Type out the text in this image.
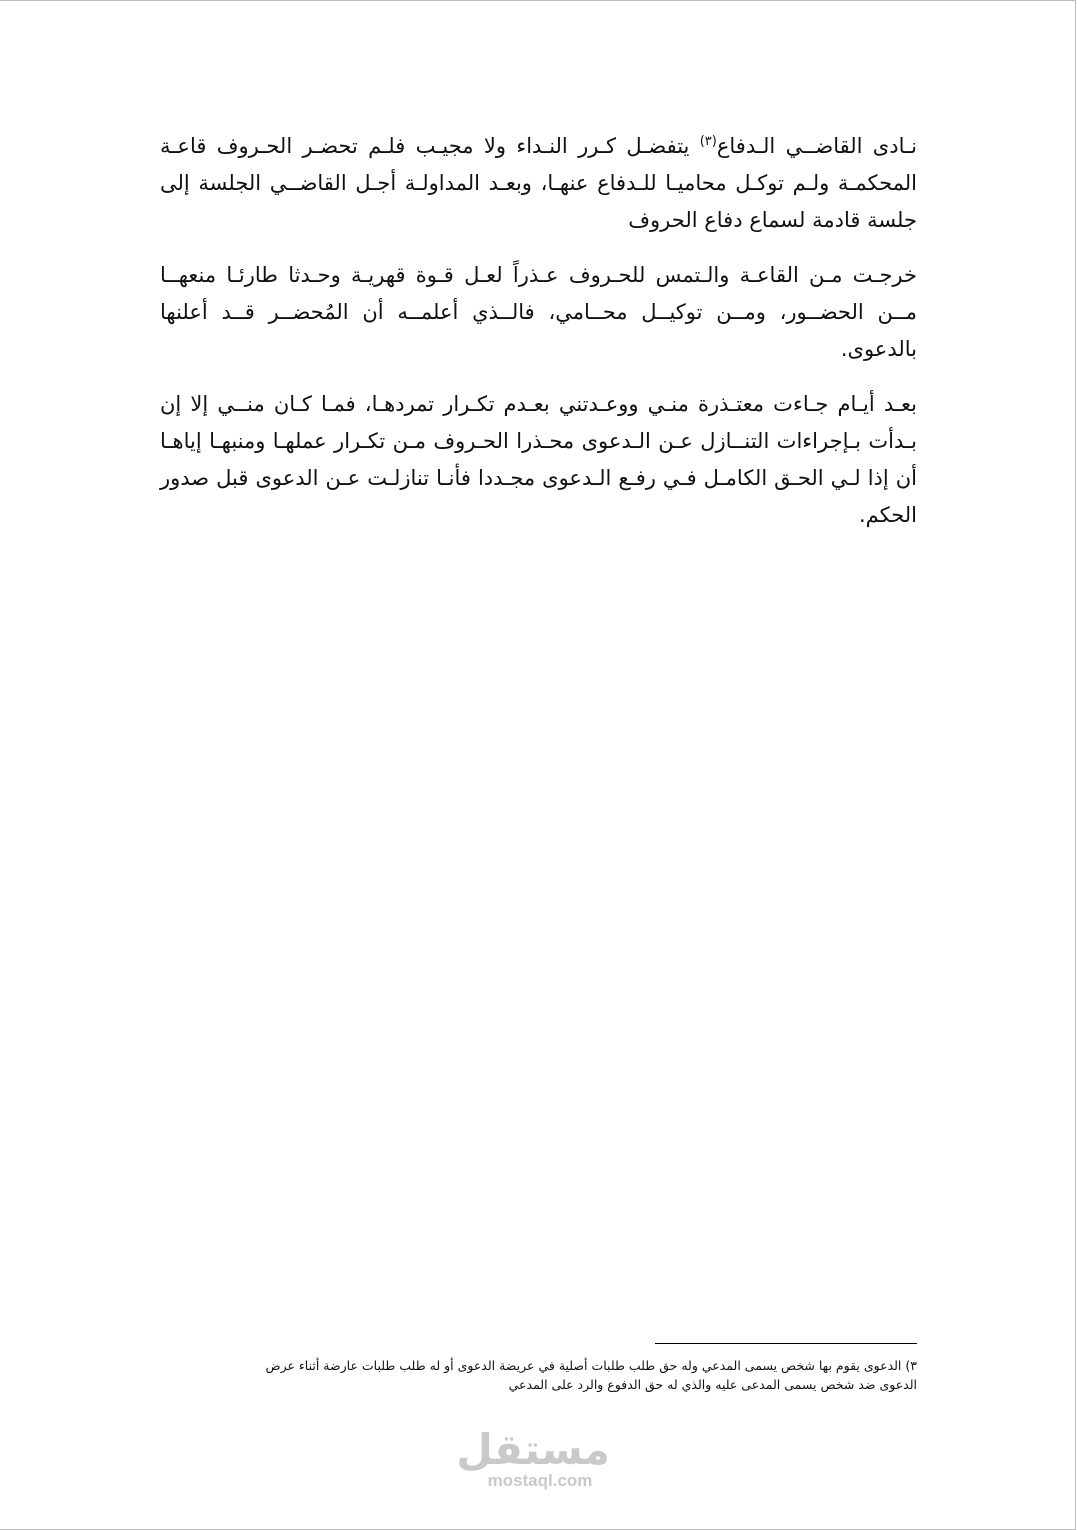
نـادى القاضــي الـدفاع$^{(٣)}$ يتفضـل كـرر النـداء ولا مجيـب فلـم تحضـر الحـروف قاعـة المحكمـة ولـم توكـل محاميـا للـدفاع عنهـا، وبعـد المداولـة أجـل القاضــي الجلسة إلى جلسة قادمة لسماع دفاع الحروف

خرجـت مـن القاعـة والـتمس للحـروف عـذراً لعـل قـوة قهريـة وحـدثا طارئـا منعهــا مــن الحضــور، ومــن توكيــل محــامي، فالــذي أعلمــه أن المُحضــر قــد أعلنها بالدعوى.

بعـد أيـام جـاءت معتـذرة منـي ووعـدتني بعـدم تكـرار تمردهـا، فمـا كـان منــي إلا إن بـدأت بـإجراءات التنــازل عـن الـدعوى محـذرا الحـروف مـن تكـرار عملهـا ومنبهـا إياهـا أن إذا لـي الحـق الكامـل فـي رفـع الـدعوى مجـددا فأنـا تنازلـت عـن الدعوى قبل صدور الحكم.

٣) الدعوى يقوم بها شخص يسمى المدعي وله حق طلب طلبات أصلية في عريضة الدعوى أو له طلب طلبات عارضة أثناء عرض

الدعوى ضد شخص يسمى المدعى عليه والذي له حق الدفوع والرد على المدعي

مستقل
mostaql.com
